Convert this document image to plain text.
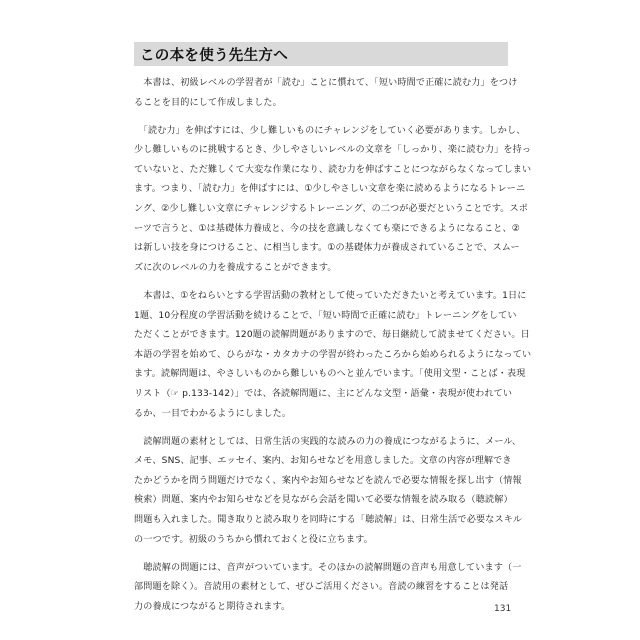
この本を使う先生方へ
　本書は、初級レベルの学習者が「読む」ことに慣れて、「短い時間で正確に読む力」をつけ
ることを目的にして作成しました。
　「読む力」を伸ばすには、少し難しいものにチャレンジをしていく必要があります。しかし、
少し難しいものに挑戦するとき、少しやさしいレベルの文章を「しっかり、楽に読む力」を持っ
ていないと、ただ難しくて大変な作業になり、読む力を伸ばすことにつながらなくなってしまい
ます。つまり、「読む力」を伸ばすには、①少しやさしい文章を楽に読めるようになるトレーニ
ング、②少し難しい文章にチャレンジするトレーニング、の二つが必要だということです。スポ
ーツで言うと、①は基礎体力養成と、今の技を意識しなくても楽にできるようになること、②
は新しい技を身につけること、に相当します。①の基礎体力が養成されていることで、スムー
ズに次のレベルの力を養成することができます。
　本書は、①をねらいとする学習活動の教材として使っていただきたいと考えています。1日に
1題、10分程度の学習活動を続けることで、「短い時間で正確に読む」トレーニングをしてい
ただくことができます。120題の読解問題がありますので、毎日継続して読ませてください。日
本語の学習を始めて、ひらがな・カタカナの学習が終わったころから始められるようになってい
ます。読解問題は、やさしいものから難しいものへと並んでいます。「使用文型・ことば・表現
リスト（☞ p.133-142）」では、各読解問題に、主にどんな文型・語彙・表現が使われてい
るか、一目でわかるようにしました。
　読解問題の素材としては、日常生活の実践的な読みの力の養成につながるように、メール、
メモ、SNS、記事、エッセイ、案内、お知らせなどを用意しました。文章の内容が理解でき
たかどうかを問う問題だけでなく、案内やお知らせなどを読んで必要な情報を探し出す（情報
検索）問題、案内やお知らせなどを見ながら会話を聞いて必要な情報を読み取る（聴読解）
問題も入れました。聞き取りと読み取りを同時にする「聴読解」は、日常生活で必要なスキル
の一つです。初級のうちから慣れておくと役に立ちます。
　聴読解の問題には、音声がついています。そのほかの読解問題の音声も用意しています（一
部問題を除く）。音読用の素材として、ぜひご活用ください。音読の練習をすることは発話
力の養成につながると期待されます。	131
